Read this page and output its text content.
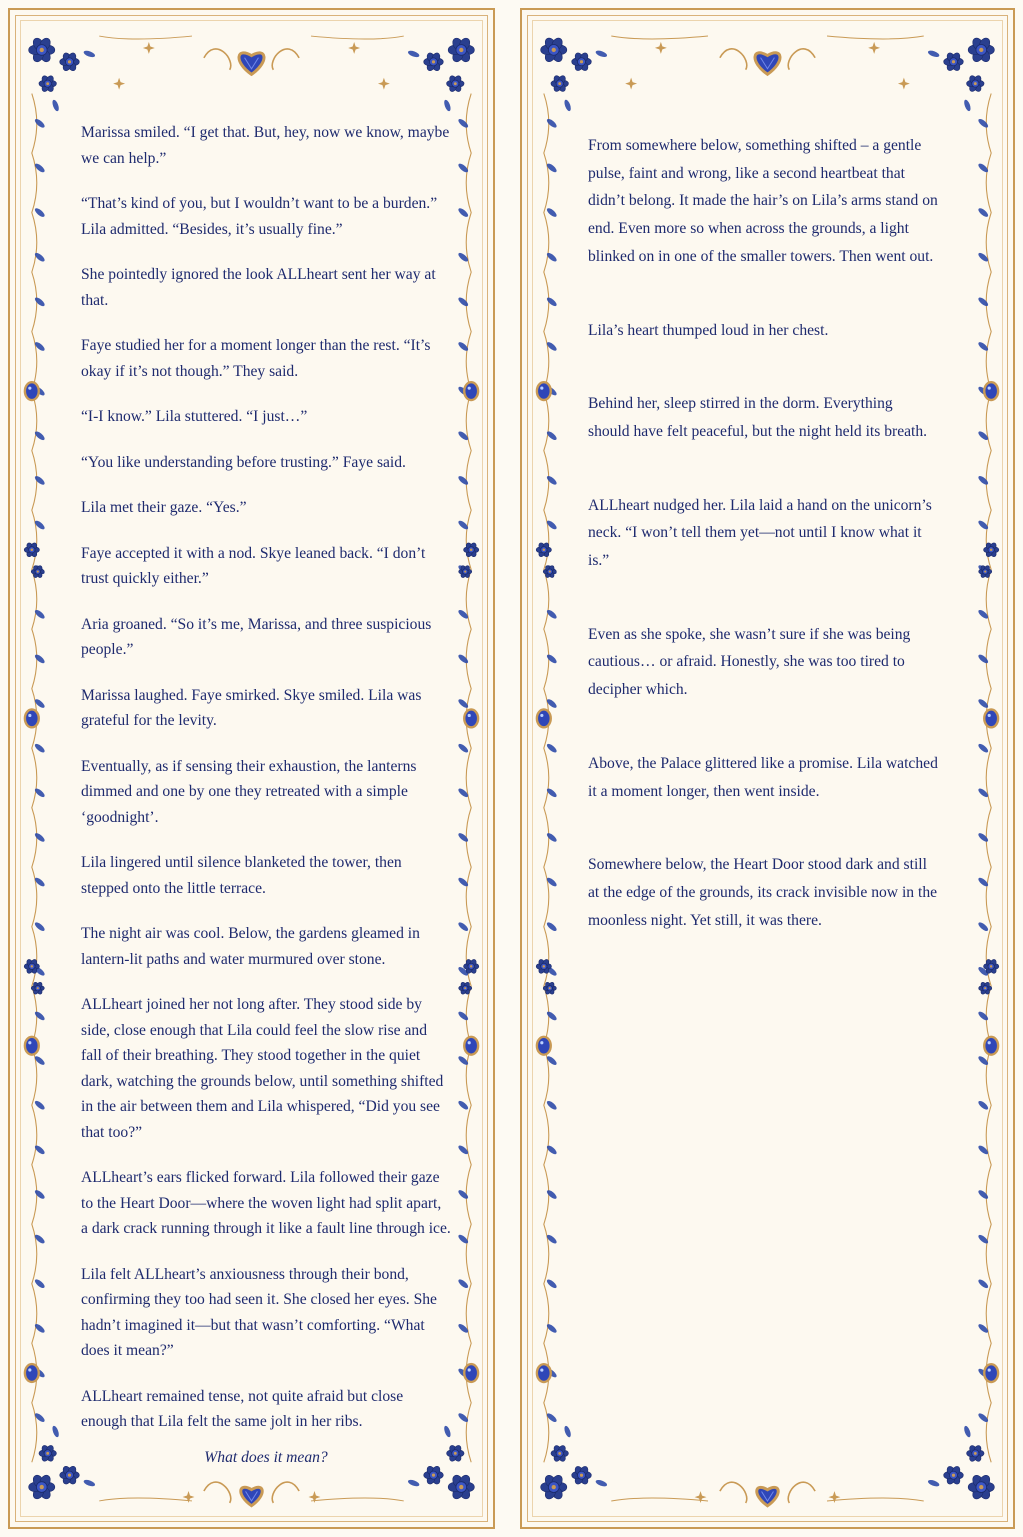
Marissa smiled. “I get that. But, hey, now we know, maybe we can help.”

“That’s kind of you, but I wouldn’t want to be a burden.” Lila admitted. “Besides, it’s usually fine.”

She pointedly ignored the look ALLheart sent her way at that.

Faye studied her for a moment longer than the rest. “It’s okay if it’s not though.” They said.

“I-I know.” Lila stuttered. “I just…”

“You like understanding before trusting.” Faye said.

Lila met their gaze. “Yes.”

Faye accepted it with a nod. Skye leaned back. “I don’t trust quickly either.”

Aria groaned. “So it’s me, Marissa, and three suspicious people.”

Marissa laughed. Faye smirked. Skye smiled. Lila was grateful for the levity.

Eventually, as if sensing their exhaustion, the lanterns dimmed and one by one they retreated with a simple ‘goodnight’.

Lila lingered until silence blanketed the tower, then stepped onto the little terrace.

The night air was cool. Below, the gardens gleamed in lantern-lit paths and water murmured over stone.

ALLheart joined her not long after. They stood side by side, close enough that Lila could feel the slow rise and fall of their breathing. They stood together in the quiet dark, watching the grounds below, until something shifted in the air between them and Lila whispered, “Did you see that too?”

ALLheart’s ears flicked forward. Lila followed their gaze to the Heart Door—where the woven light had split apart, a dark crack running through it like a fault line through ice.

Lila felt ALLheart’s anxiousness through their bond, confirming they too had seen it. She closed her eyes. She hadn’t imagined it—but that wasn’t comforting. “What does it mean?”

ALLheart remained tense, not quite afraid but close enough that Lila felt the same jolt in her ribs.

What does it mean?

From somewhere below, something shifted – a gentle pulse, faint and wrong, like a second heartbeat that didn’t belong. It made the hair’s on Lila’s arms stand on end. Even more so when across the grounds, a light blinked on in one of the smaller towers. Then went out.

Lila’s heart thumped loud in her chest.

Behind her, sleep stirred in the dorm. Everything should have felt peaceful, but the night held its breath.

ALLheart nudged her. Lila laid a hand on the unicorn’s neck. “I won’t tell them yet—not until I know what it is.”

Even as she spoke, she wasn’t sure if she was being cautious… or afraid. Honestly, she was too tired to decipher which.

Above, the Palace glittered like a promise. Lila watched it a moment longer, then went inside.

Somewhere below, the Heart Door stood dark and still at the edge of the grounds, its crack invisible now in the moonless night. Yet still, it was there.
